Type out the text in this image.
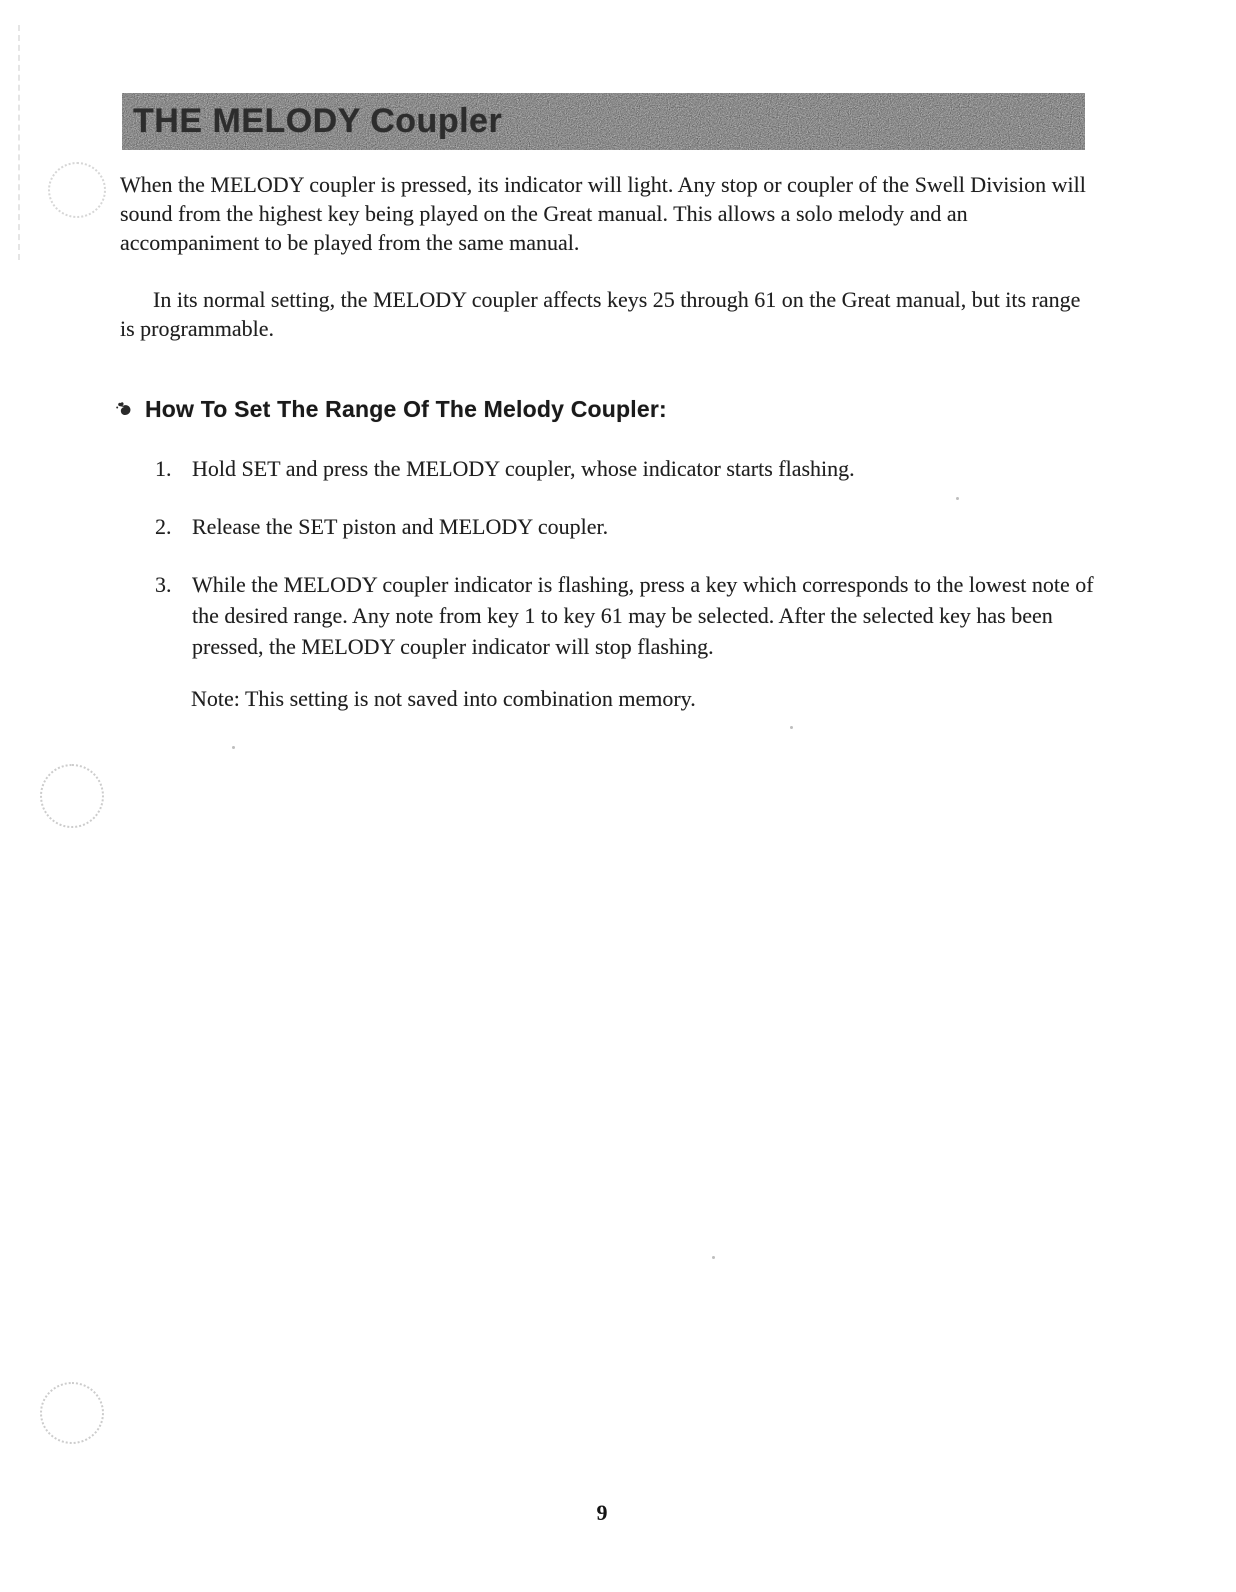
THE MELODY Coupler

When the MELODY coupler is pressed, its indicator will light. Any stop or coupler of the Swell Division will sound from the highest key being played on the Great manual. This allows a solo melody and an accompaniment to be played from the same manual.

In its normal setting, the MELODY coupler affects keys 25 through 61 on the Great manual, but its range is programmable.

How To Set The Range Of The Melody Coupler:
1. Hold SET and press the MELODY coupler, whose indicator starts flashing.
2. Release the SET piston and MELODY coupler.
3. While the MELODY coupler indicator is flashing, press a key which corresponds to the lowest note of the desired range. Any note from key 1 to key 61 may be selected. After the selected key has been pressed, the MELODY coupler indicator will stop flashing.

Note: This setting is not saved into combination memory.

9
